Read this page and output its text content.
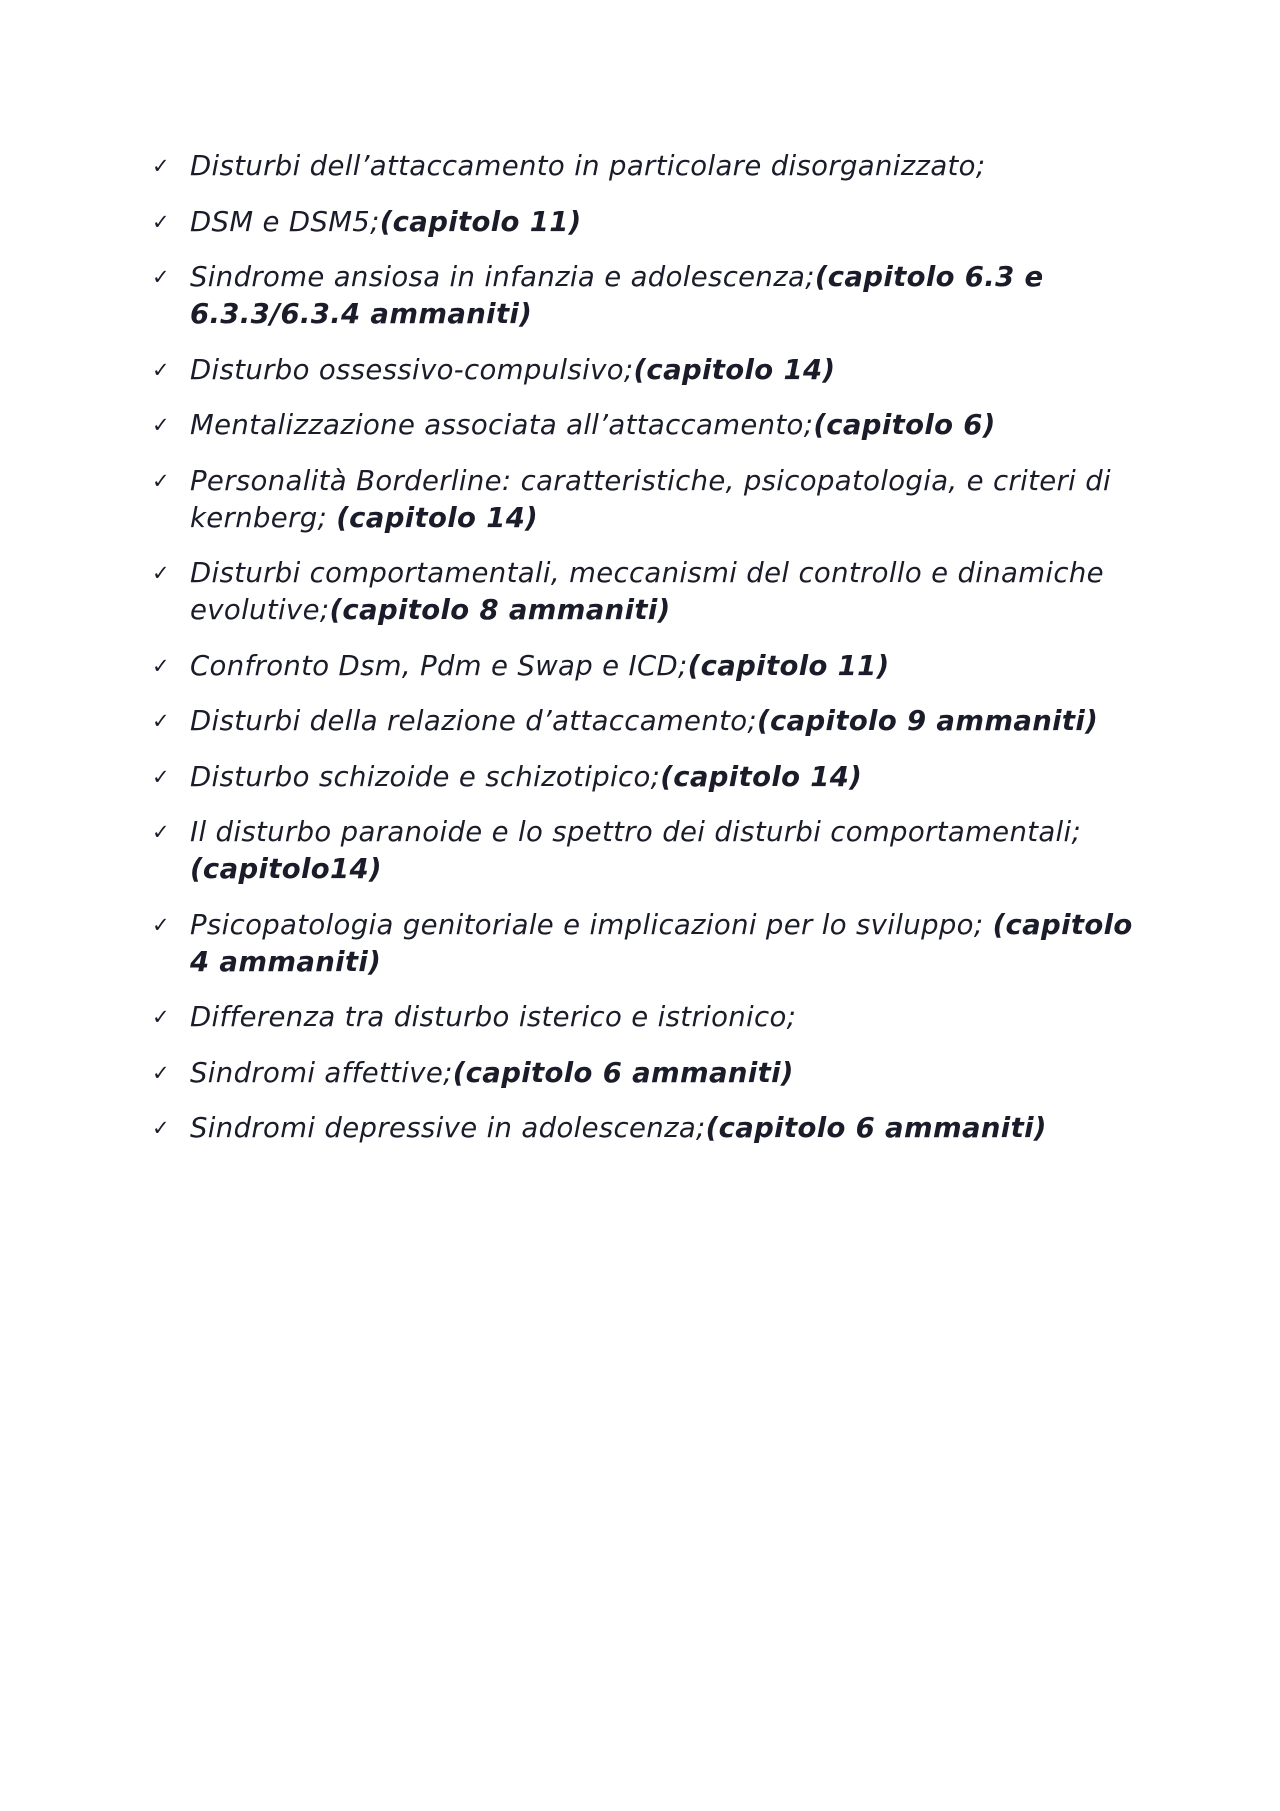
✓ Disturbi dell’attaccamento in particolare disorganizzato;
✓ DSM e DSM5;(capitolo 11)
✓ Sindrome ansiosa in infanzia e adolescenza;(capitolo 6.3 e 6.3.3/6.3.4 ammaniti)
✓ Disturbo ossessivo-compulsivo;(capitolo 14)
✓ Mentalizzazione associata all’attaccamento;(capitolo 6)
✓ Personalità Borderline: caratteristiche, psicopatologia, e criteri di kernberg; (capitolo 14)
✓ Disturbi comportamentali, meccanismi del controllo e dinamiche evolutive;(capitolo 8 ammaniti)
✓ Confronto Dsm, Pdm e Swap e ICD;(capitolo 11)
✓ Disturbi della relazione d’attaccamento;(capitolo 9 ammaniti)
✓ Disturbo schizoide e schizotipico;(capitolo 14)
✓ Il disturbo paranoide e lo spettro dei disturbi comportamentali; (capitolo14)
✓ Psicopatologia genitoriale e implicazioni per lo sviluppo; (capitolo 4 ammaniti)
✓ Differenza tra disturbo isterico e istrionico;
✓ Sindromi affettive;(capitolo 6 ammaniti)
✓ Sindromi depressive in adolescenza;(capitolo 6 ammaniti)
